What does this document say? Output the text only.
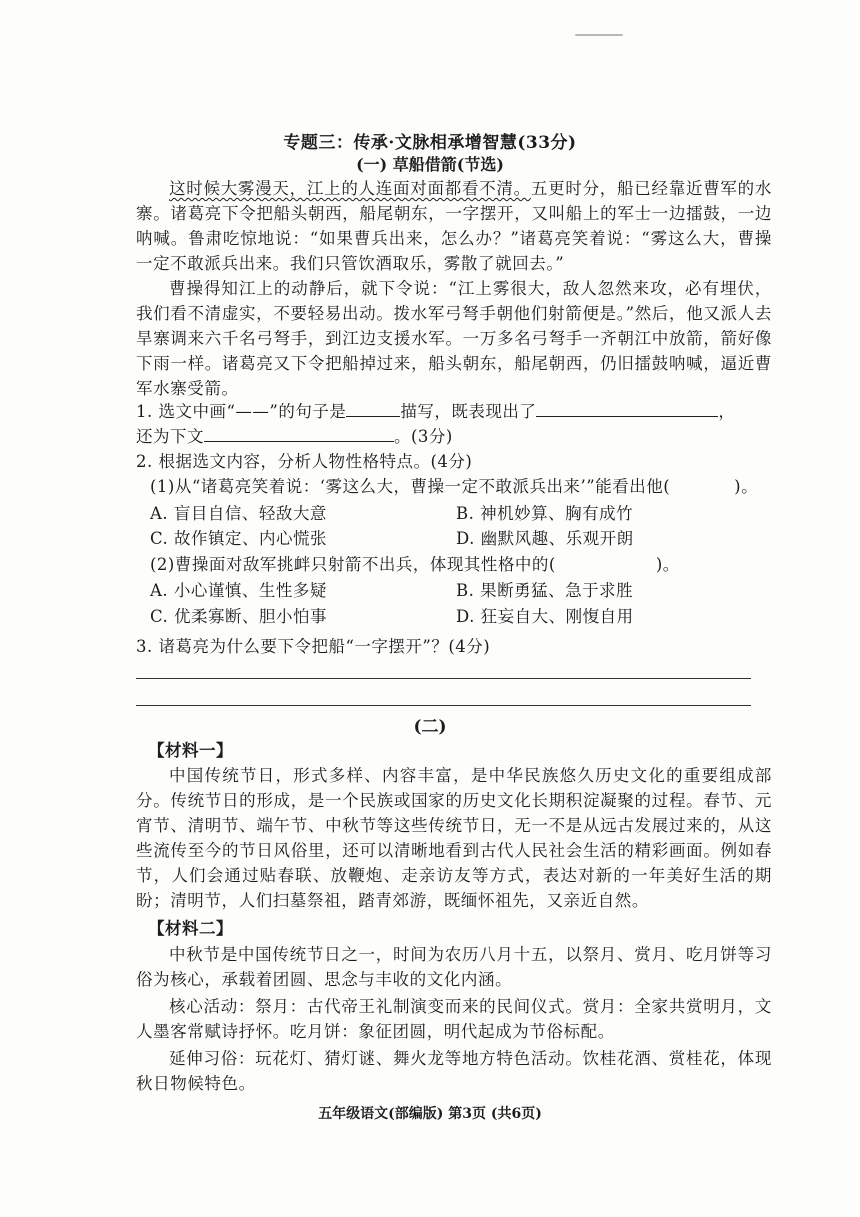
专题三：传承·文脉相承增智慧(33分)
(一) 草船借箭(节选)

这时候大雾漫天，江上的人连面对面都看不清。五更时分，船已经靠近曹军的水寨。诸葛亮下令把船头朝西，船尾朝东，一字摆开，又叫船上的军士一边擂鼓，一边呐喊。鲁肃吃惊地说：“如果曹兵出来，怎么办？”诸葛亮笑着说：“雾这么大，曹操一定不敢派兵出来。我们只管饮酒取乐，雾散了就回去。”

曹操得知江上的动静后，就下令说：“江上雾很大，敌人忽然来攻，必有埋伏，我们看不清虚实，不要轻易出动。拨水军弓弩手朝他们射箭便是。”然后，他又派人去旱寨调来六千名弓弩手，到江边支援水军。一万多名弓弩手一齐朝江中放箭，箭好像下雨一样。诸葛亮又下令把船掉过来，船头朝东，船尾朝西，仍旧擂鼓呐喊，逼近曹军水寨受箭。

1. 选文中画“——”的句子是	描写，既表现出了	，
还为下文	。(3分)
2. 根据选文内容，分析人物性格特点。(4分)
(1)从“诸葛亮笑着说：‘雾这么大，曹操一定不敢派兵出来’”能看出他(	)。
A. 盲目自信、轻敌大意	B. 神机妙算、胸有成竹
C. 故作镇定、内心慌张	D. 幽默风趣、乐观开朗
(2)曹操面对敌军挑衅只射箭不出兵，体现其性格中的(	)。
A. 小心谨慎、生性多疑	B. 果断勇猛、急于求胜
C. 优柔寡断、胆小怕事	D. 狂妄自大、刚愎自用
3. 诸葛亮为什么要下令把船“一字摆开”？(4分)
(二)
【材料一】

中国传统节日，形式多样、内容丰富，是中华民族悠久历史文化的重要组成部分。传统节日的形成，是一个民族或国家的历史文化长期积淀凝聚的过程。春节、元宵节、清明节、端午节、中秋节等这些传统节日，无一不是从远古发展过来的，从这些流传至今的节日风俗里，还可以清晰地看到古代人民社会生活的精彩画面。例如春节，人们会通过贴春联、放鞭炮、走亲访友等方式，表达对新的一年美好生活的期盼；清明节，人们扫墓祭祖，踏青郊游，既缅怀祖先，又亲近自然。

【材料二】

中秋节是中国传统节日之一，时间为农历八月十五，以祭月、赏月、吃月饼等习俗为核心，承载着团圆、思念与丰收的文化内涵。

核心活动：祭月：古代帝王礼制演变而来的民间仪式。赏月：全家共赏明月，文人墨客常赋诗抒怀。吃月饼：象征团圆，明代起成为节俗标配。

延伸习俗：玩花灯、猜灯谜、舞火龙等地方特色活动。饮桂花酒、赏桂花，体现秋日物候特色。

五年级语文(部编版) 第3页 (共6页)
